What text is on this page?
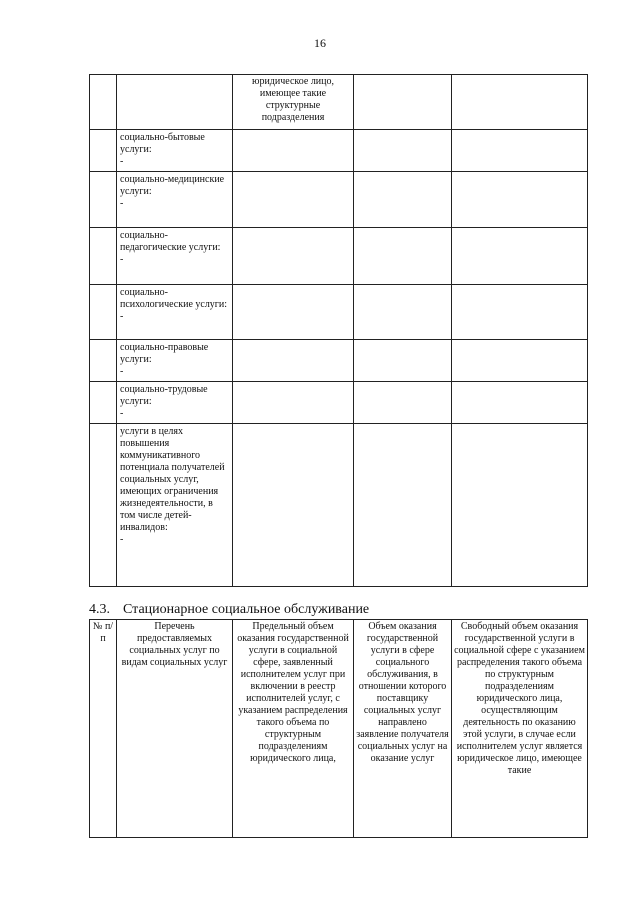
16
		юридическое лицо, имеющее такие структурные подразделения		
	социально-бытовые услуги:
-			

	социально-медицинские услуги:
-			

	социально-педагогические услуги:
-			

	социально-психологические услуги:
-			

	социально-правовые услуги:
-			

	социально-трудовые услуги:
-			

	услуги в целях повышения коммуникативного потенциала получателей социальных услуг, имеющих ограничения жизнедеятельности, в том числе детей-инвалидов:
-			

4.3. Стационарное социальное обслуживание
№ п/п	Перечень предоставляемых социальных услуг по видам социальных услуг	Предельный объем оказания государственной услуги в социальной сфере, заявленный исполнителем услуг при включении в реестр исполнителей услуг, с указанием распределения такого объема по структурным подразделениям юридического лица,	Объем оказания государственной услуги в сфере социального обслуживания, в отношении которого поставщику социальных услуг направлено заявление получателя социальных услуг на оказание услуг	Свободный объем оказания государственной услуги в социальной сфере с указанием распределения такого объема по структурным подразделениям юридического лица, осуществляющим деятельность по оказанию этой услуги, в случае если исполнителем услуг является юридическое лицо, имеющее такие
